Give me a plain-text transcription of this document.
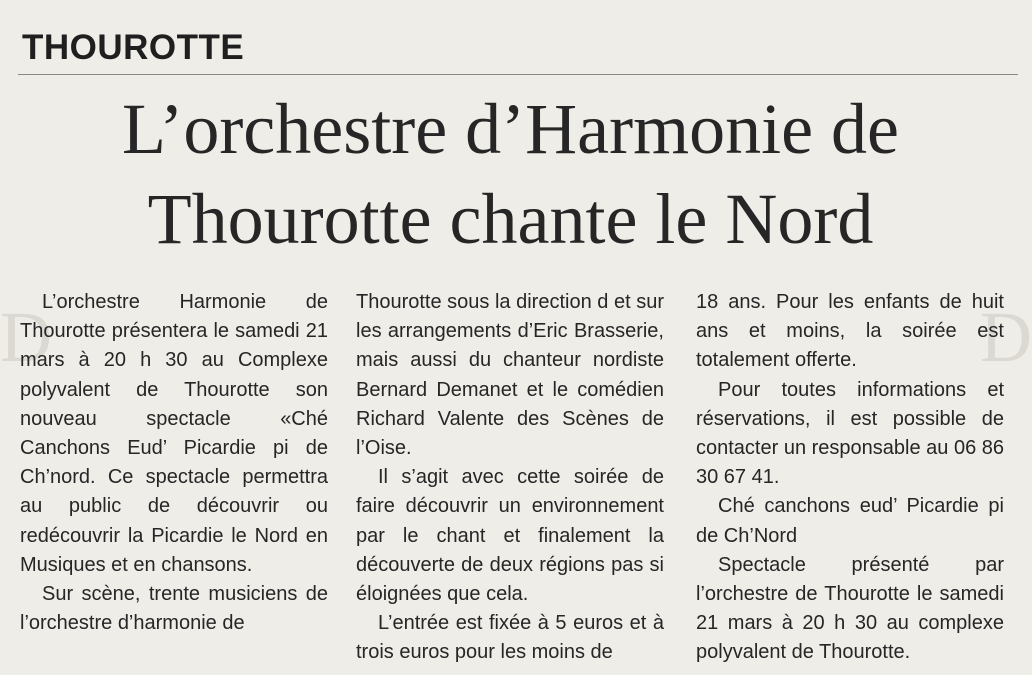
D	D
THOUROTTE
L’orchestre d’Harmonie de
Thourotte chante le Nord

L’orchestre Harmonie de Thourotte présentera le samedi 21 mars à 20 h 30 au Complexe polyvalent de Thourotte son nouveau spectacle «Ché Canchons Eud’ Picardie pi de Ch’nord. Ce spectacle permettra au public de découvrir ou redécouvrir la Picardie le Nord en Musiques et en chansons.

Sur scène, trente musiciens de l’orchestre d’harmonie de

Thourotte sous la direction d et sur les arrangements d’Eric Brasserie, mais aussi du chanteur nordiste Bernard Demanet et le comédien Richard Valente des Scènes de l’Oise.

Il s’agit avec cette soirée de faire découvrir un environnement par le chant et finalement la découverte de deux régions pas si éloignées que cela.

L’entrée est fixée à 5 euros et à trois euros pour les moins de

18 ans. Pour les enfants de huit ans et moins, la soirée est totalement offerte.

Pour toutes informations et réservations, il est possible de contacter un responsable au 06 86 30 67 41.

Ché canchons eud’ Picardie pi de Ch’Nord

Spectacle présenté par l’orchestre de Thourotte le samedi 21 mars à 20 h 30 au complexe polyvalent de Thourotte.
